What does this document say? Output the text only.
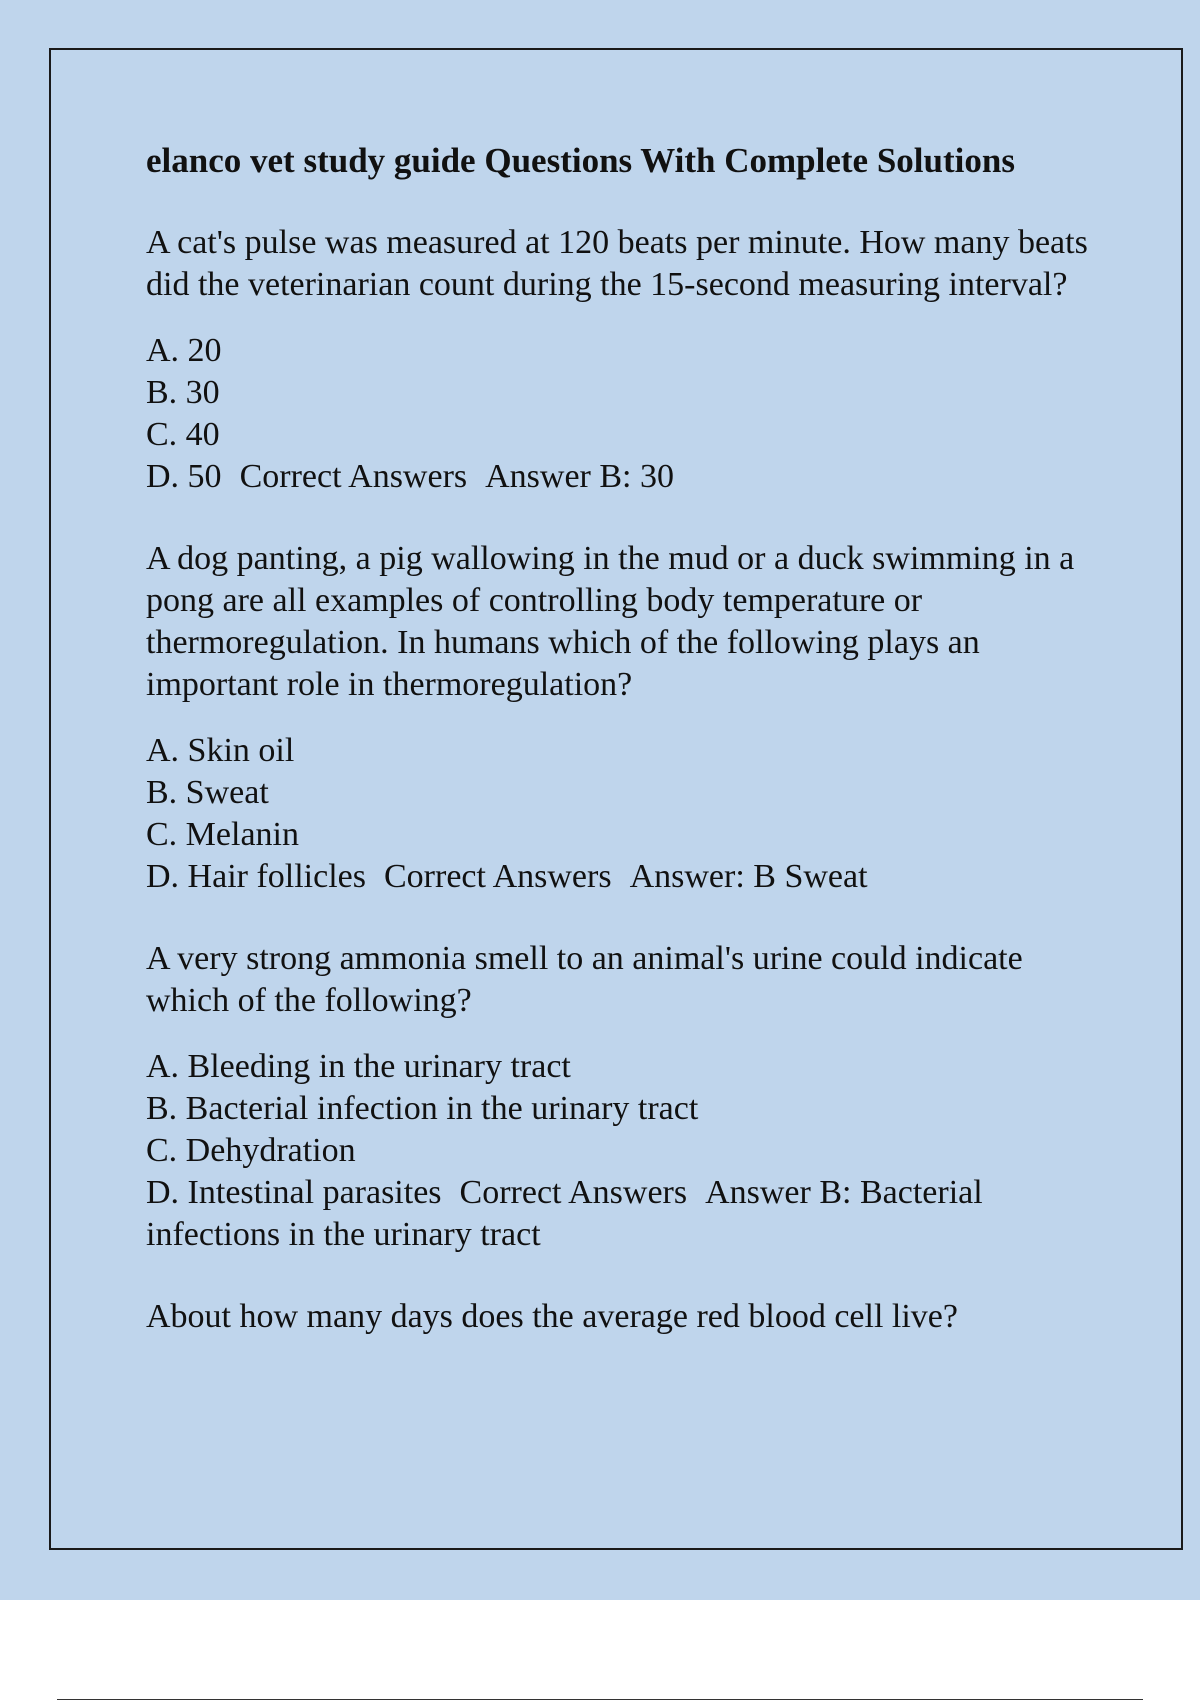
elanco vet study guide Questions With Complete Solutions
A cat's pulse was measured at 120 beats per minute. How many beats did the veterinarian count during the 15-second measuring interval?
A. 20
B. 30
C. 40
D. 50 Correct Answers Answer B: 30
A dog panting, a pig wallowing in the mud or a duck swimming in a pong are all examples of controlling body temperature or thermoregulation. In humans which of the following plays an important role in thermoregulation?
A. Skin oil
B. Sweat
C. Melanin
D. Hair follicles Correct Answers Answer: B Sweat
A very strong ammonia smell to an animal's urine could indicate which of the following?
A. Bleeding in the urinary tract
B. Bacterial infection in the urinary tract
C. Dehydration
D. Intestinal parasites Correct Answers Answer B: Bacterial infections in the urinary tract
About how many days does the average red blood cell live?
